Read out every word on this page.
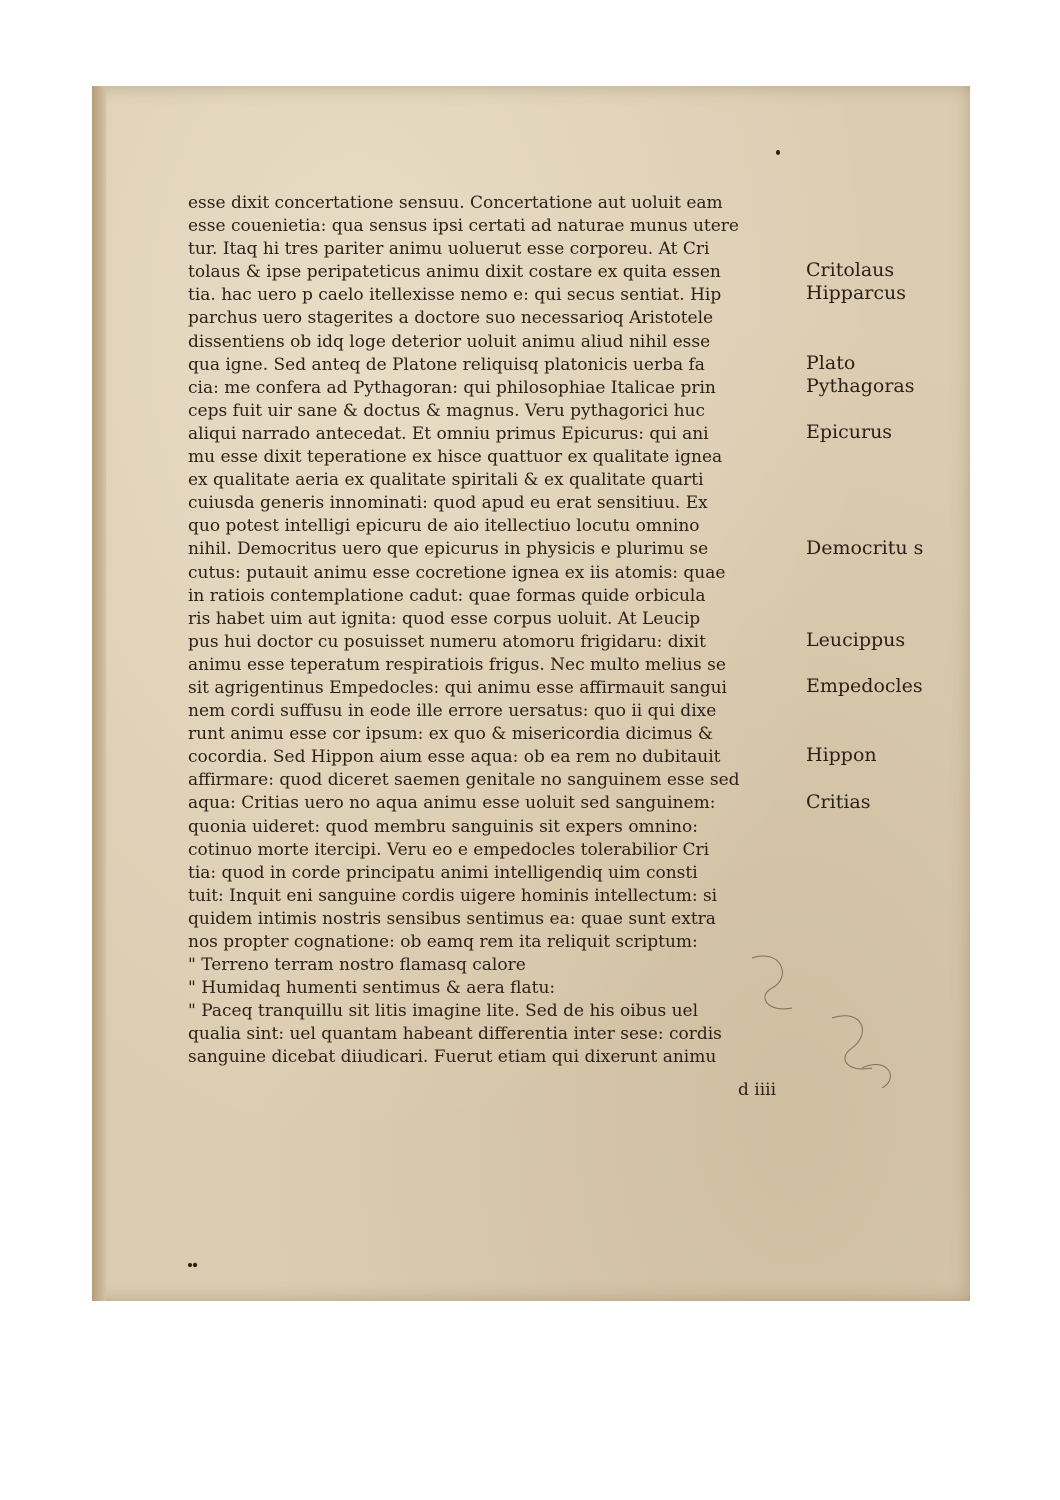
esse dixit concertatione sensuu. Concertatione aut uoluit eam
esse couenietia: qua sensus ipsi certati ad naturae munus utere
tur. Itaq hi tres pariter animu uoluerut esse corporeu. At Cri
tolaus & ipse peripateticus animu dixit costare ex quita essen
tia. hac uero p caelo itellexisse nemo e: qui secus sentiat. Hip
parchus uero stagerites a doctore suo necessarioq Aristotele
dissentiens ob idq loge deterior uoluit animu aliud nihil esse
qua igne. Sed anteq de Platone reliquisq platonicis uerba fa
cia: me confera ad Pythagoran: qui philosophiae Italicae prin
ceps fuit uir sane & doctus & magnus. Veru pythagorici huc
aliqui narrado antecedat. Et omniu primus Epicurus: qui ani
mu esse dixit teperatione ex hisce quattuor ex qualitate ignea
ex qualitate aeria ex qualitate spiritali & ex qualitate quarti
cuiusda generis innominati: quod apud eu erat sensitiuu. Ex
quo potest intelligi epicuru de aio itellectiuo locutu omnino
nihil. Democritus uero que epicurus in physicis e plurimu se
cutus: putauit animu esse cocretione ignea ex iis atomis: quae
in ratiois contemplatione cadut: quae formas quide orbicula
ris habet uim aut ignita: quod esse corpus uoluit. At Leucip
pus hui doctor cu posuisset numeru atomoru frigidaru: dixit
animu esse teperatum respiratiois frigus. Nec multo melius se
sit agrigentinus Empedocles: qui animu esse affirmauit sangui
nem cordi suffusu in eode ille errore uersatus: quo ii qui dixe
runt animu esse cor ipsum: ex quo & misericordia dicimus &
cocordia. Sed Hippon aium esse aqua: ob ea rem no dubitauit
affirmare: quod diceret saemen genitale no sanguinem esse sed
aqua: Critias uero no aqua animu esse uoluit sed sanguinem:
quonia uideret: quod membru sanguinis sit expers omnino:
cotinuo morte itercipi. Veru eo e empedocles tolerabilior Cri
tia: quod in corde principatu animi intelligendiq uim consti
tuit: Inquit eni sanguine cordis uigere hominis intellectum: si
quidem intimis nostris sensibus sentimus ea: quae sunt extra
nos propter cognatione: ob eamq rem ita reliquit scriptum:
" Terreno terram nostro flamasq calore
" Humidaq humenti sentimus & aera flatu:
" Paceq tranquillu sit litis imagine lite. Sed de his oibus uel
qualia sint: uel quantam habeant differentia inter sese: cordis
sanguine dicebat diiudicari. Fuerut etiam qui dixerunt animu
Critolaus
Hipparcus
Plato
Pythagoras
Epicurus
Democritu s
Leucippus
Empedocles
Hippon
Critias
d iiii
